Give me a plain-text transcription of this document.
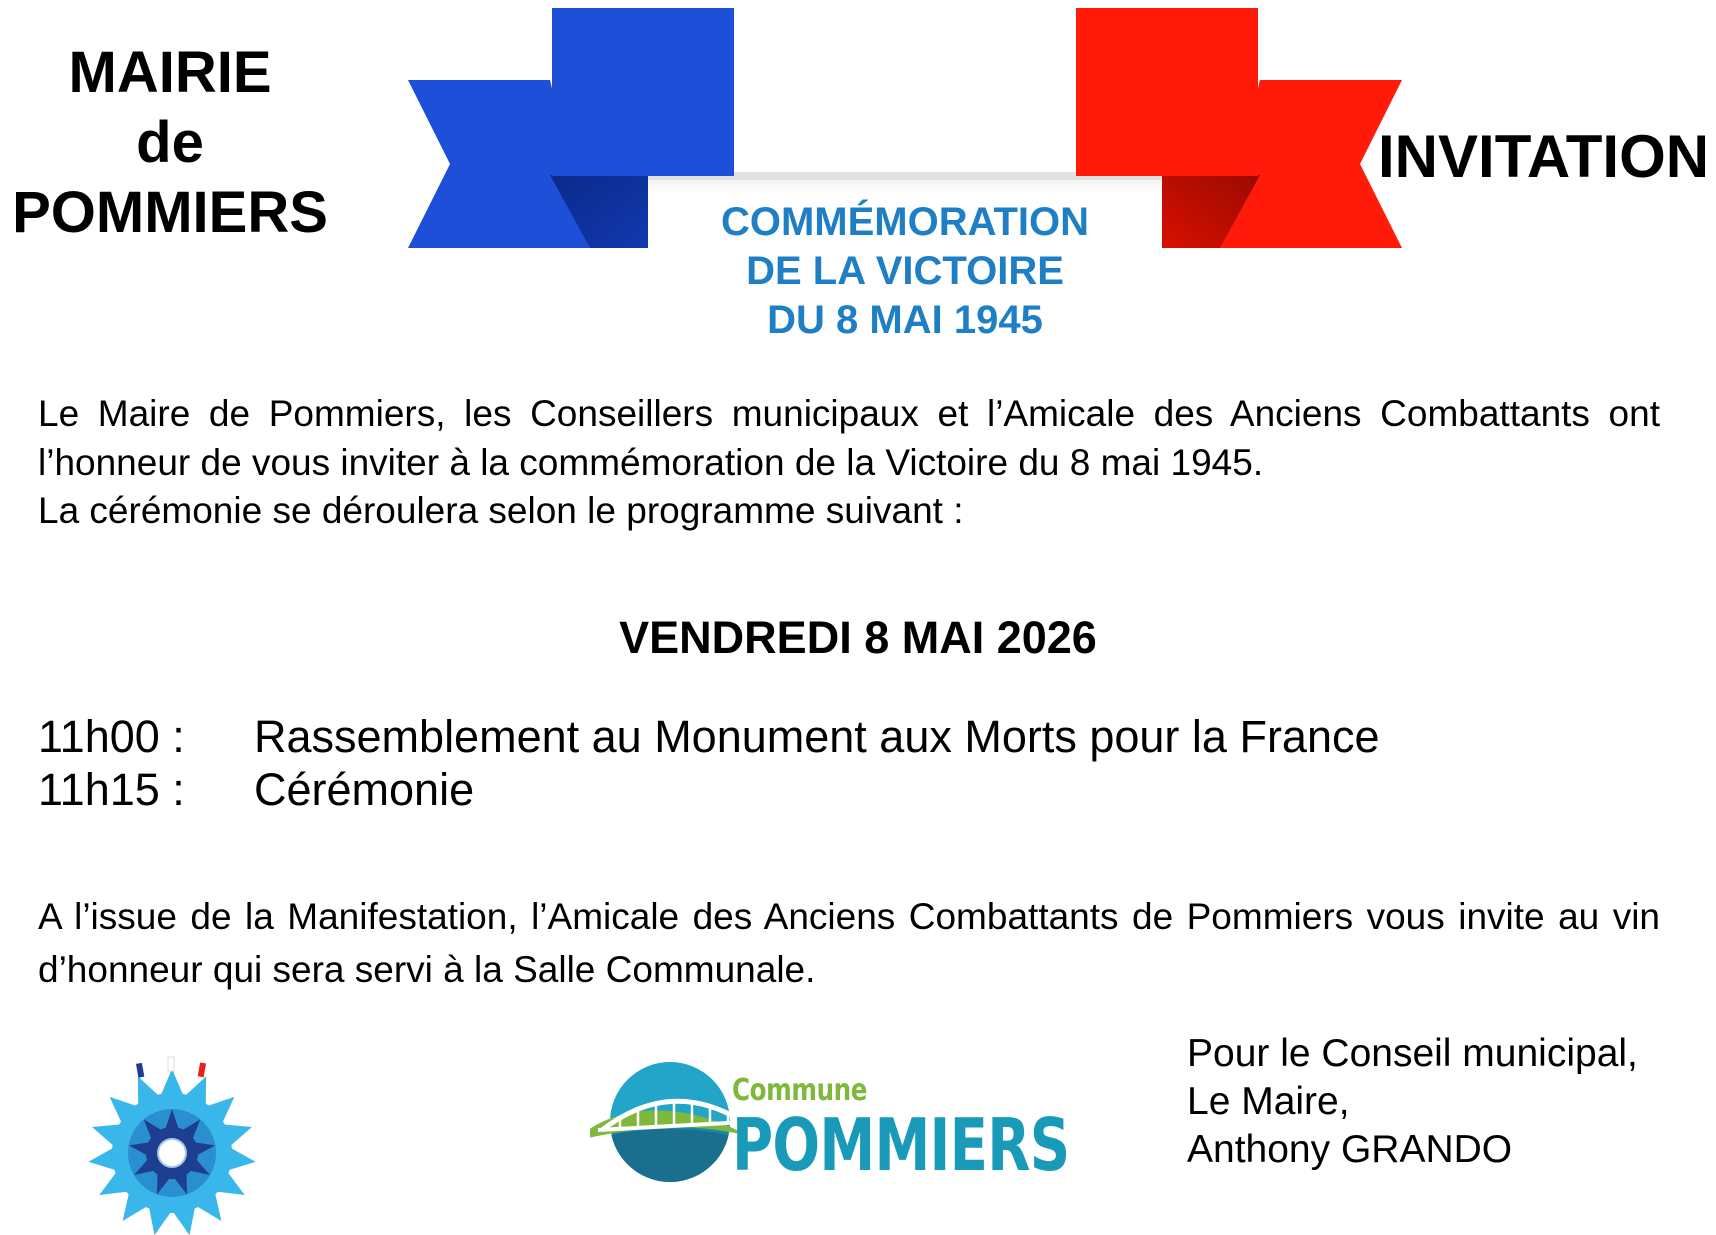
MAIRIE
de
POMMIERS
INVITATION
COMMÉMORATION
DE LA VICTOIRE
DU 8 MAI 1945

Le Maire de Pommiers, les Conseillers municipaux et l’Amicale des Anciens Combattants ont l’honneur de vous inviter à la commémoration de la Victoire du 8 mai 1945.

La cérémonie se déroulera selon le programme suivant :

VENDREDI 8 MAI 2026
11h00 :	Rassemblement au Monument aux Morts pour la France
11h15 :	Cérémonie
A l’issue de la Manifestation, l’Amicale des Anciens Combattants de Pommiers vous invite au vin d’honneur qui sera servi à la Salle Communale.
Commune
POMMIERS
Pour le Conseil municipal,
Le Maire,
Anthony GRANDO
